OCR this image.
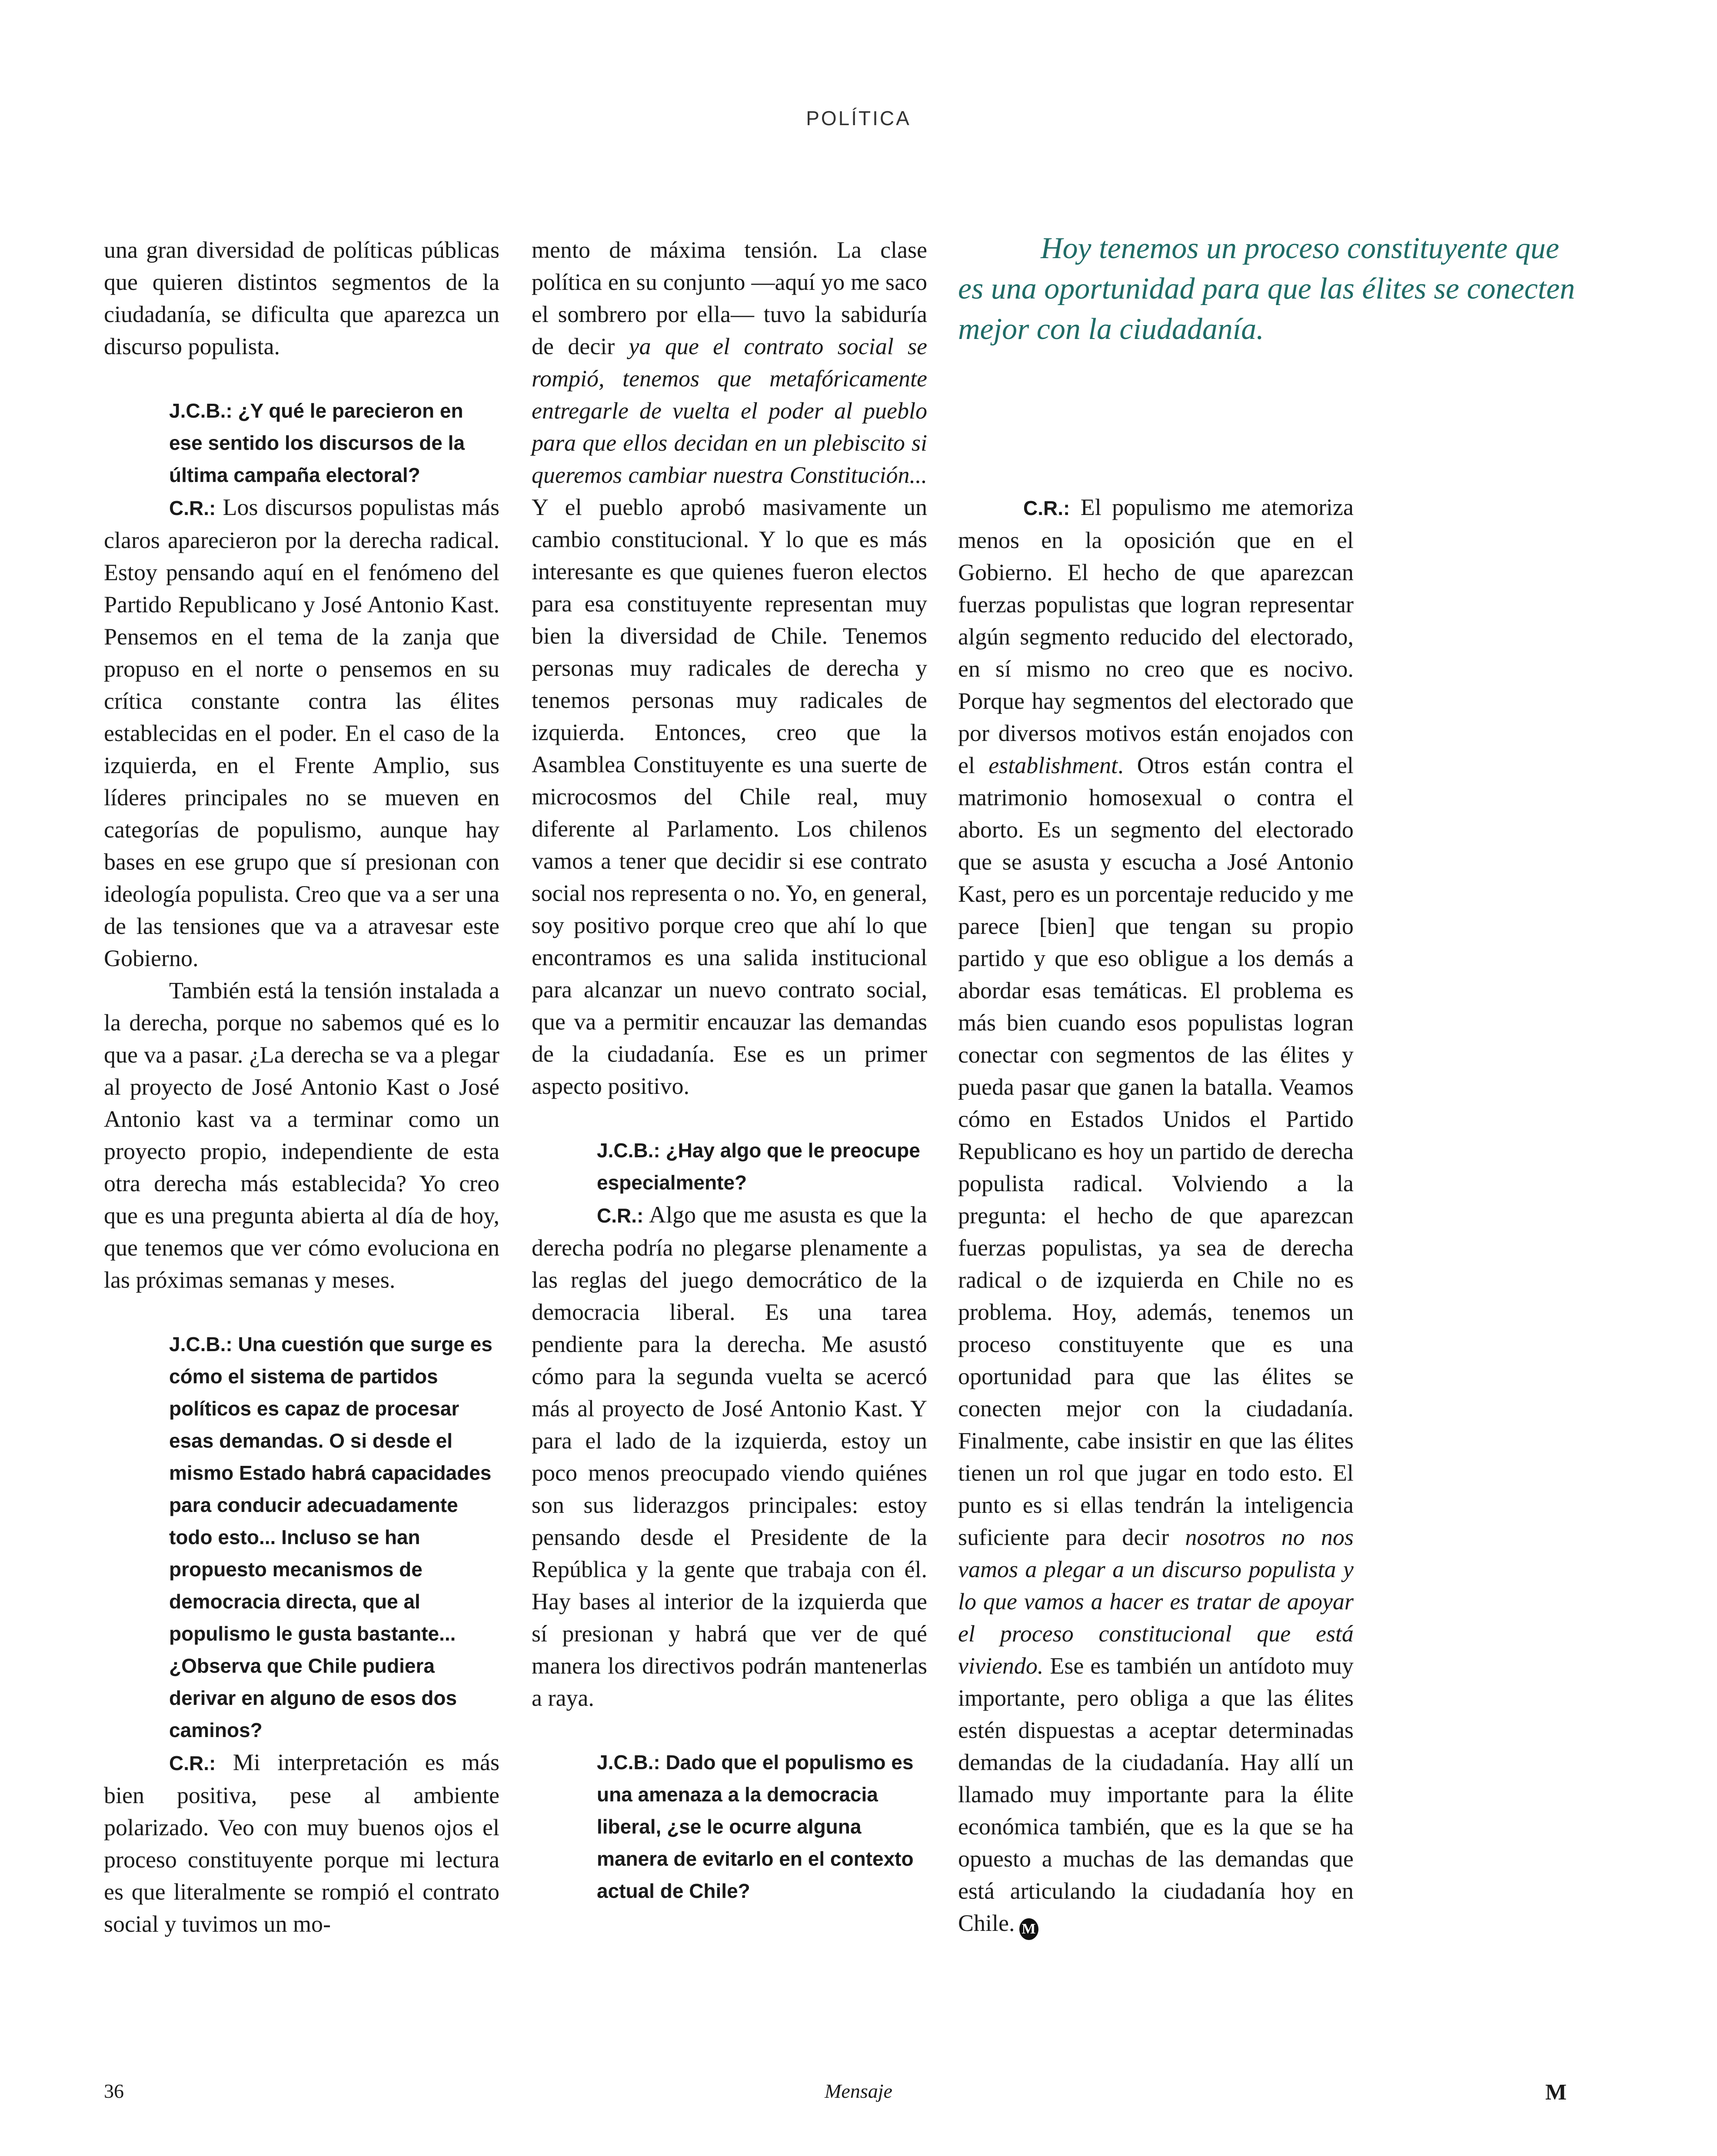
POLÍTICA

una gran diversidad de políticas públicas que quieren distintos segmentos de la ciudadanía, se dificulta que aparezca un discurso populista.

J.C.B.: ¿Y qué le parecieron en ese sentido los discursos de la última campaña electoral?

C.R.: Los discursos populistas más claros aparecieron por la derecha radical. Estoy pensando aquí en el fenómeno del Partido Republicano y José Antonio Kast. Pensemos en el tema de la zanja que propuso en el norte o pensemos en su crítica constante contra las élites establecidas en el poder. En el caso de la izquierda, en el Frente Amplio, sus líderes principales no se mueven en categorías de populismo, aunque hay bases en ese grupo que sí presionan con ideología populista. Creo que va a ser una de las tensiones que va a atravesar este Gobierno.

También está la tensión instalada a la derecha, porque no sabemos qué es lo que va a pasar. ¿La derecha se va a plegar al proyecto de José Antonio Kast o José Antonio kast va a terminar como un proyecto propio, independiente de esta otra derecha más establecida? Yo creo que es una pregunta abierta al día de hoy, que tenemos que ver cómo evoluciona en las próximas semanas y meses.

J.C.B.: Una cuestión que surge es cómo el sistema de partidos políticos es capaz de procesar esas demandas. O si desde el mismo Estado habrá capacidades para conducir adecuadamente todo esto... Incluso se han propuesto mecanismos de democracia directa, que al populismo le gusta bastante... ¿Observa que Chile pudiera derivar en alguno de esos dos caminos?

C.R.: Mi interpretación es más bien positiva, pese al ambiente polarizado. Veo con muy buenos ojos el proceso constituyente porque mi lectura es que literalmente se rompió el contrato social y tuvimos un mo-

mento de máxima tensión. La clase política en su conjunto —aquí yo me saco el sombrero por ella— tuvo la sabiduría de decir ya que el contrato social se rompió, tenemos que metafóricamente entregarle de vuelta el poder al pueblo para que ellos decidan en un plebiscito si queremos cambiar nuestra Constitución... Y el pueblo aprobó masivamente un cambio constitucional. Y lo que es más interesante es que quienes fueron electos para esa constituyente representan muy bien la diversidad de Chile. Tenemos personas muy radicales de derecha y tenemos personas muy radicales de izquierda. Entonces, creo que la Asamblea Constituyente es una suerte de microcosmos del Chile real, muy diferente al Parlamento. Los chilenos vamos a tener que decidir si ese contrato social nos representa o no. Yo, en general, soy positivo porque creo que ahí lo que encontramos es una salida institucional para alcanzar un nuevo contrato social, que va a permitir encauzar las demandas de la ciudadanía. Ese es un primer aspecto positivo.

J.C.B.: ¿Hay algo que le preocupe especialmente?

C.R.: Algo que me asusta es que la derecha podría no plegarse plenamente a las reglas del juego democrático de la democracia liberal. Es una tarea pendiente para la derecha. Me asustó cómo para la segunda vuelta se acercó más al proyecto de José Antonio Kast. Y para el lado de la izquierda, estoy un poco menos preocupado viendo quiénes son sus liderazgos principales: estoy pensando desde el Presidente de la República y la gente que trabaja con él. Hay bases al interior de la izquierda que sí presionan y habrá que ver de qué manera los directivos podrán mantenerlas a raya.

J.C.B.: Dado que el populismo es una amenaza a la democracia liberal, ¿se le ocurre alguna manera de evitarlo en el contexto actual de Chile?

Hoy tenemos un proceso constituyente que es una oportunidad para que las élites se conecten mejor con la ciudadanía.

C.R.: El populismo me atemoriza menos en la oposición que en el Gobierno. El hecho de que aparezcan fuerzas populistas que logran representar algún segmento reducido del electorado, en sí mismo no creo que es nocivo. Porque hay segmentos del electorado que por diversos motivos están enojados con el establishment. Otros están contra el matrimonio homosexual o contra el aborto. Es un segmento del electorado que se asusta y escucha a José Antonio Kast, pero es un porcentaje reducido y me parece [bien] que tengan su propio partido y que eso obligue a los demás a abordar esas temáticas. El problema es más bien cuando esos populistas logran conectar con segmentos de las élites y pueda pasar que ganen la batalla. Veamos cómo en Estados Unidos el Partido Republicano es hoy un partido de derecha populista radical. Volviendo a la pregunta: el hecho de que aparezcan fuerzas populistas, ya sea de derecha radical o de izquierda en Chile no es problema. Hoy, además, tenemos un proceso constituyente que es una oportunidad para que las élites se conecten mejor con la ciudadanía. Finalmente, cabe insistir en que las élites tienen un rol que jugar en todo esto. El punto es si ellas tendrán la inteligencia suficiente para decir nosotros no nos vamos a plegar a un discurso populista y lo que vamos a hacer es tratar de apoyar el proceso constitucional que está viviendo. Ese es también un antídoto muy importante, pero obliga a que las élites estén dispuestas a aceptar determinadas demandas de la ciudadanía. Hay allí un llamado muy importante para la élite económica también, que es la que se ha opuesto a muchas de las demandas que está articulando la ciudadanía hoy en Chile. M

36	Mensaje	M
